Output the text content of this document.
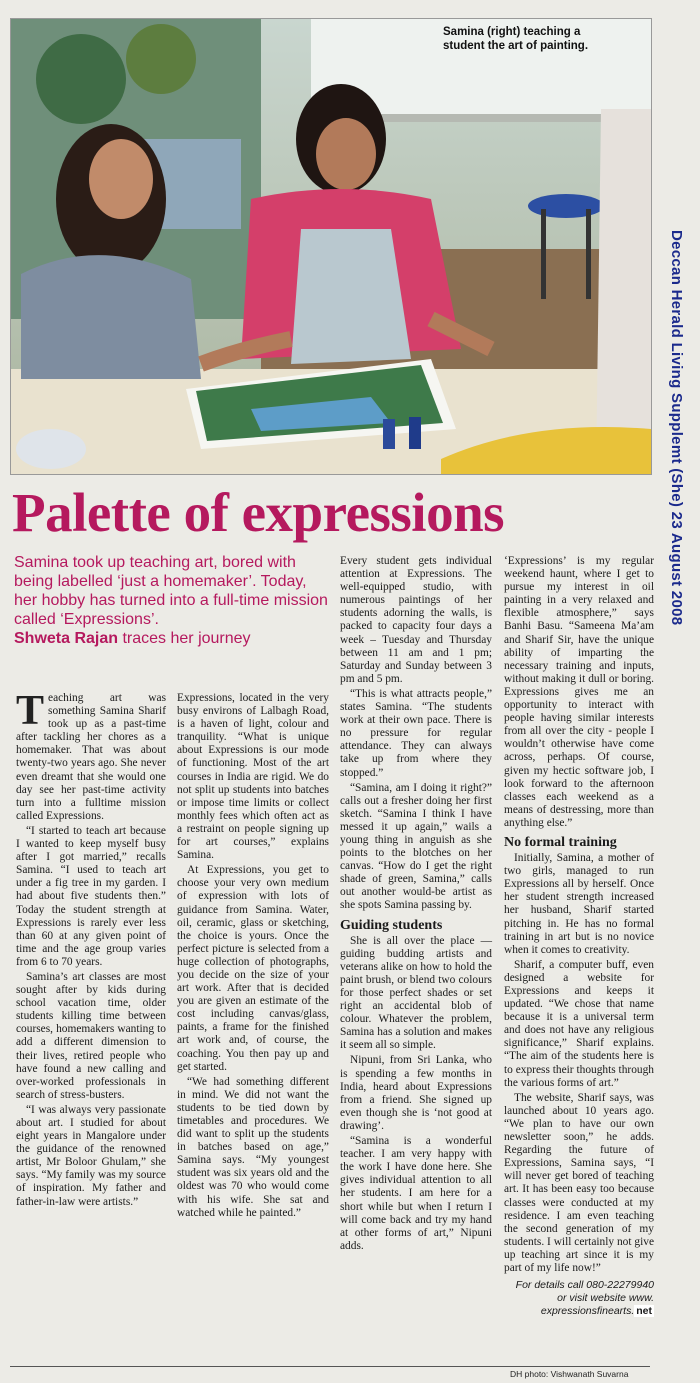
Samina (right) teaching a student the art of painting.
Deccan Herald Living Supplemt (She) 23 August 2008
Palette of expressions
Samina took up teaching art, bored with being labelled ‘just a homemaker’. Today, her hobby has turned into a full-time mission called ‘Expressions’.
Shweta Rajan traces her journey

Teaching art was something Samina Sharif took up as a past-time after tackling her chores as a homemaker. That was about twenty-two years ago. She never even dreamt that she would one day see her past-time activity turn into a fulltime mission called Expressions.

“I started to teach art because I wanted to keep myself busy after I got married,” recalls Samina. “I used to teach art under a fig tree in my garden. I had about five students then.” Today the student strength at Expressions is rarely ever less than 60 at any given point of time and the age group varies from 6 to 70 years.

Samina’s art classes are most sought after by kids during school vacation time, older students killing time between courses, homemakers wanting to add a different dimension to their lives, retired people who have found a new calling and over-worked professionals in search of stress-busters.

“I was always very passionate about art. I studied for about eight years in Mangalore under the guidance of the renowned artist, Mr Boloor Ghulam,” she says. “My family was my source of inspiration. My father and father-in-law were artists.”

Expressions, located in the very busy environs of Lalbagh Road, is a haven of light, colour and tranquility. “What is unique about Expressions is our mode of functioning. Most of the art courses in India are rigid. We do not split up students into batches or impose time limits or collect monthly fees which often act as a restraint on people signing up for art courses,” explains Samina.

At Expressions, you get to choose your very own medium of expression with lots of guidance from Samina. Water, oil, ceramic, glass or sketching, the choice is yours. Once the perfect picture is selected from a huge collection of photographs, you decide on the size of your art work. After that is decided you are given an estimate of the cost including canvas/glass, paints, a frame for the finished art work and, of course, the coaching. You then pay up and get started.

“We had something different in mind. We did not want the students to be tied down by timetables and procedures. We did want to split up the students in batches based on age,” Samina says. “My youngest student was six years old and the oldest was 70 who would come with his wife. She sat and watched while he painted.”

Every student gets individual attention at Expressions. The well-equipped studio, with numerous paintings of her students adorning the walls, is packed to capacity four days a week – Tuesday and Thursday between 11 am and 1 pm; Saturday and Sunday between 3 pm and 5 pm.

“This is what attracts people,” states Samina. “The students work at their own pace. There is no pressure for regular attendance. They can always take up from where they stopped.”

“Samina, am I doing it right?” calls out a fresher doing her first sketch. “Samina I think I have messed it up again,” wails a young thing in anguish as she points to the blotches on her canvas. “How do I get the right shade of green, Samina,” calls out another would-be artist as she spots Samina passing by.

Guiding students

She is all over the place — guiding budding artists and veterans alike on how to hold the paint brush, or blend two colours for those perfect shades or set right an accidental blob of colour. Whatever the problem, Samina has a solution and makes it seem all so simple.

Nipuni, from Sri Lanka, who is spending a few months in India, heard about Expressions from a friend. She signed up even though she is ‘not good at drawing’.

“Samina is a wonderful teacher. I am very happy with the work I have done here. She gives individual attention to all her students. I am here for a short while but when I return I will come back and try my hand at other forms of art,” Nipuni adds.

‘Expressions’ is my regular weekend haunt, where I get to pursue my interest in oil painting in a very relaxed and flexible atmosphere,” says Banhi Basu. “Sameena Ma’am and Sharif Sir, have the unique ability of imparting the necessary training and inputs, without making it dull or boring. Expressions gives me an opportunity to interact with people having similar interests from all over the city - people I wouldn’t otherwise have come across, perhaps. Of course, given my hectic software job, I look forward to the afternoon classes each weekend as a means of destressing, more than anything else.”

No formal training

Initially, Samina, a mother of two girls, managed to run Expressions all by herself. Once her student strength increased her husband, Sharif started pitching in. He has no formal training in art but is no novice when it comes to creativity.

Sharif, a computer buff, even designed a website for Expressions and keeps it updated. “We chose that name because it is a universal term and does not have any religious significance,” Sharif explains. “The aim of the students here is to express their thoughts through the various forms of art.”

The website, Sharif says, was launched about 10 years ago. “We plan to have our own newsletter soon,” he adds. Regarding the future of Expressions, Samina says, “I will never get bored of teaching art. It has been easy too because classes were conducted at my residence. I am even teaching the second generation of my students. I will certainly not give up teaching art since it is my part of my life now!”

For details call 080-22279940
or visit website www.
expressionsfinearts. net
DH photo: Vishwanath Suvarna
